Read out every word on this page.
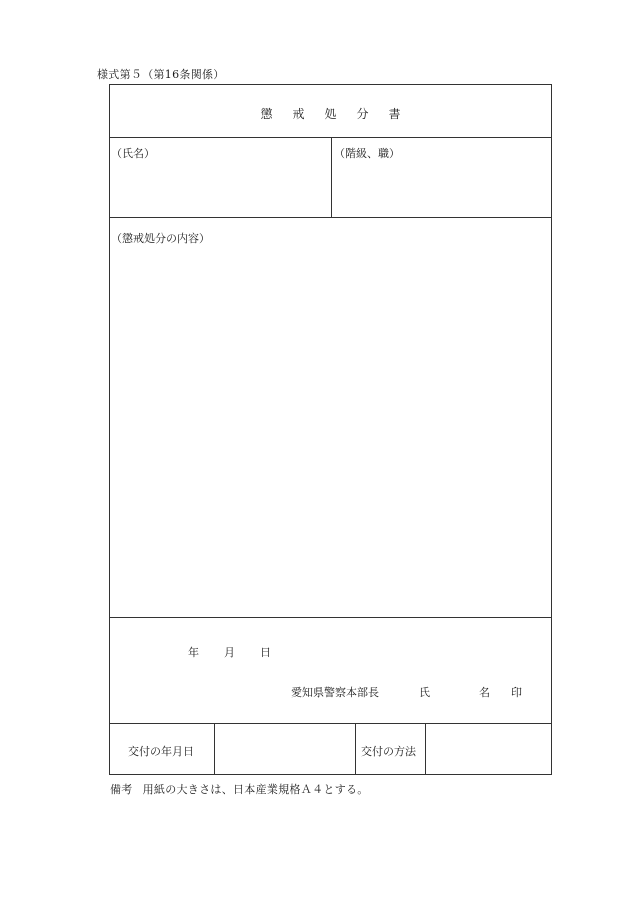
様式第５（第16条関係）
懲戒処分書
（氏名）	（階級、職）
（懲戒処分の内容）
年 月 日
愛知県警察本部長	氏	名 印
交付の年月日	交付の方法
備考 用紙の大きさは、日本産業規格Ａ４とする。
